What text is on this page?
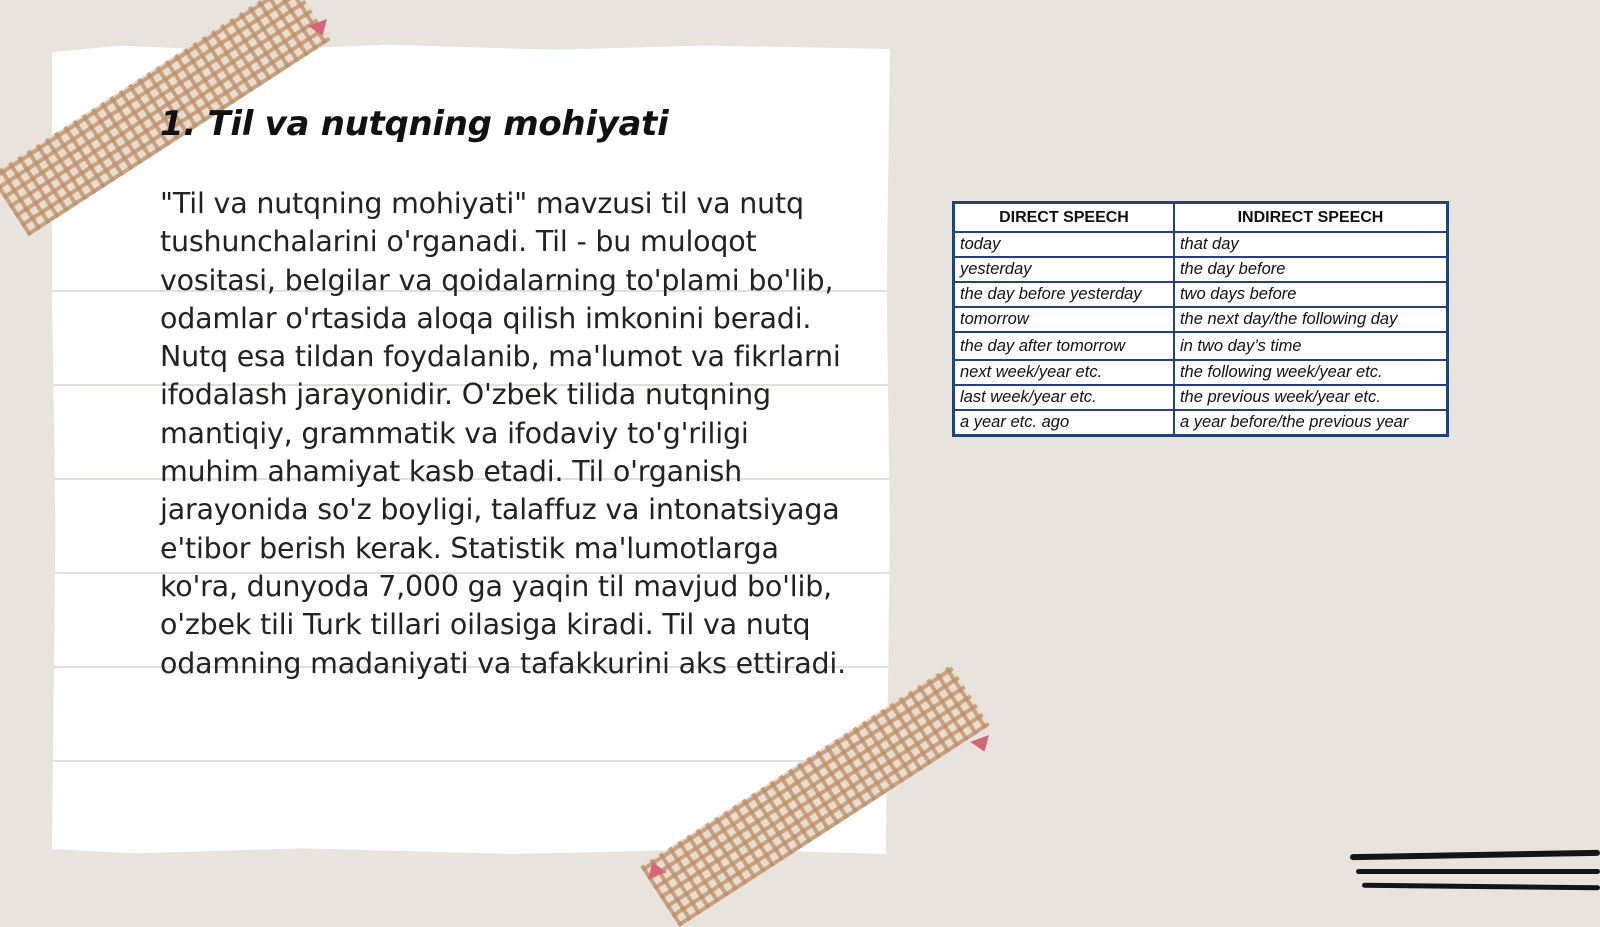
1. Til va nutqning mohiyati

"Til va nutqning mohiyati" mavzusi til va nutq tushunchalarini o'rganadi. Til - bu muloqot vositasi, belgilar va qoidalarning to'plami bo'lib, odamlar o'rtasida aloqa qilish imkonini beradi. Nutq esa tildan foydalanib, ma'lumot va fikrlarni ifodalash jarayonidir. O'zbek tilida nutqning mantiqiy, grammatik va ifodaviy to'g'riligi muhim ahamiyat kasb etadi. Til o'rganish jarayonida so'z boyligi, talaffuz va intonatsiyaga e'tibor berish kerak. Statistik ma'lumotlarga ko'ra, dunyoda 7,000 ga yaqin til mavjud bo'lib, o'zbek tili Turk tillari oilasiga kiradi. Til va nutq odamning madaniyati va tafakkurini aks ettiradi.

DIRECT SPEECH	INDIRECT SPEECH
today	that day
yesterday	the day before
the day before yesterday	two days before
tomorrow	the next day/the following day
the day after tomorrow	in two day’s time
next week/year etc.	the following week/year etc.
last week/year etc.	the previous week/year etc.
a year etc. ago	a year before/the previous year
